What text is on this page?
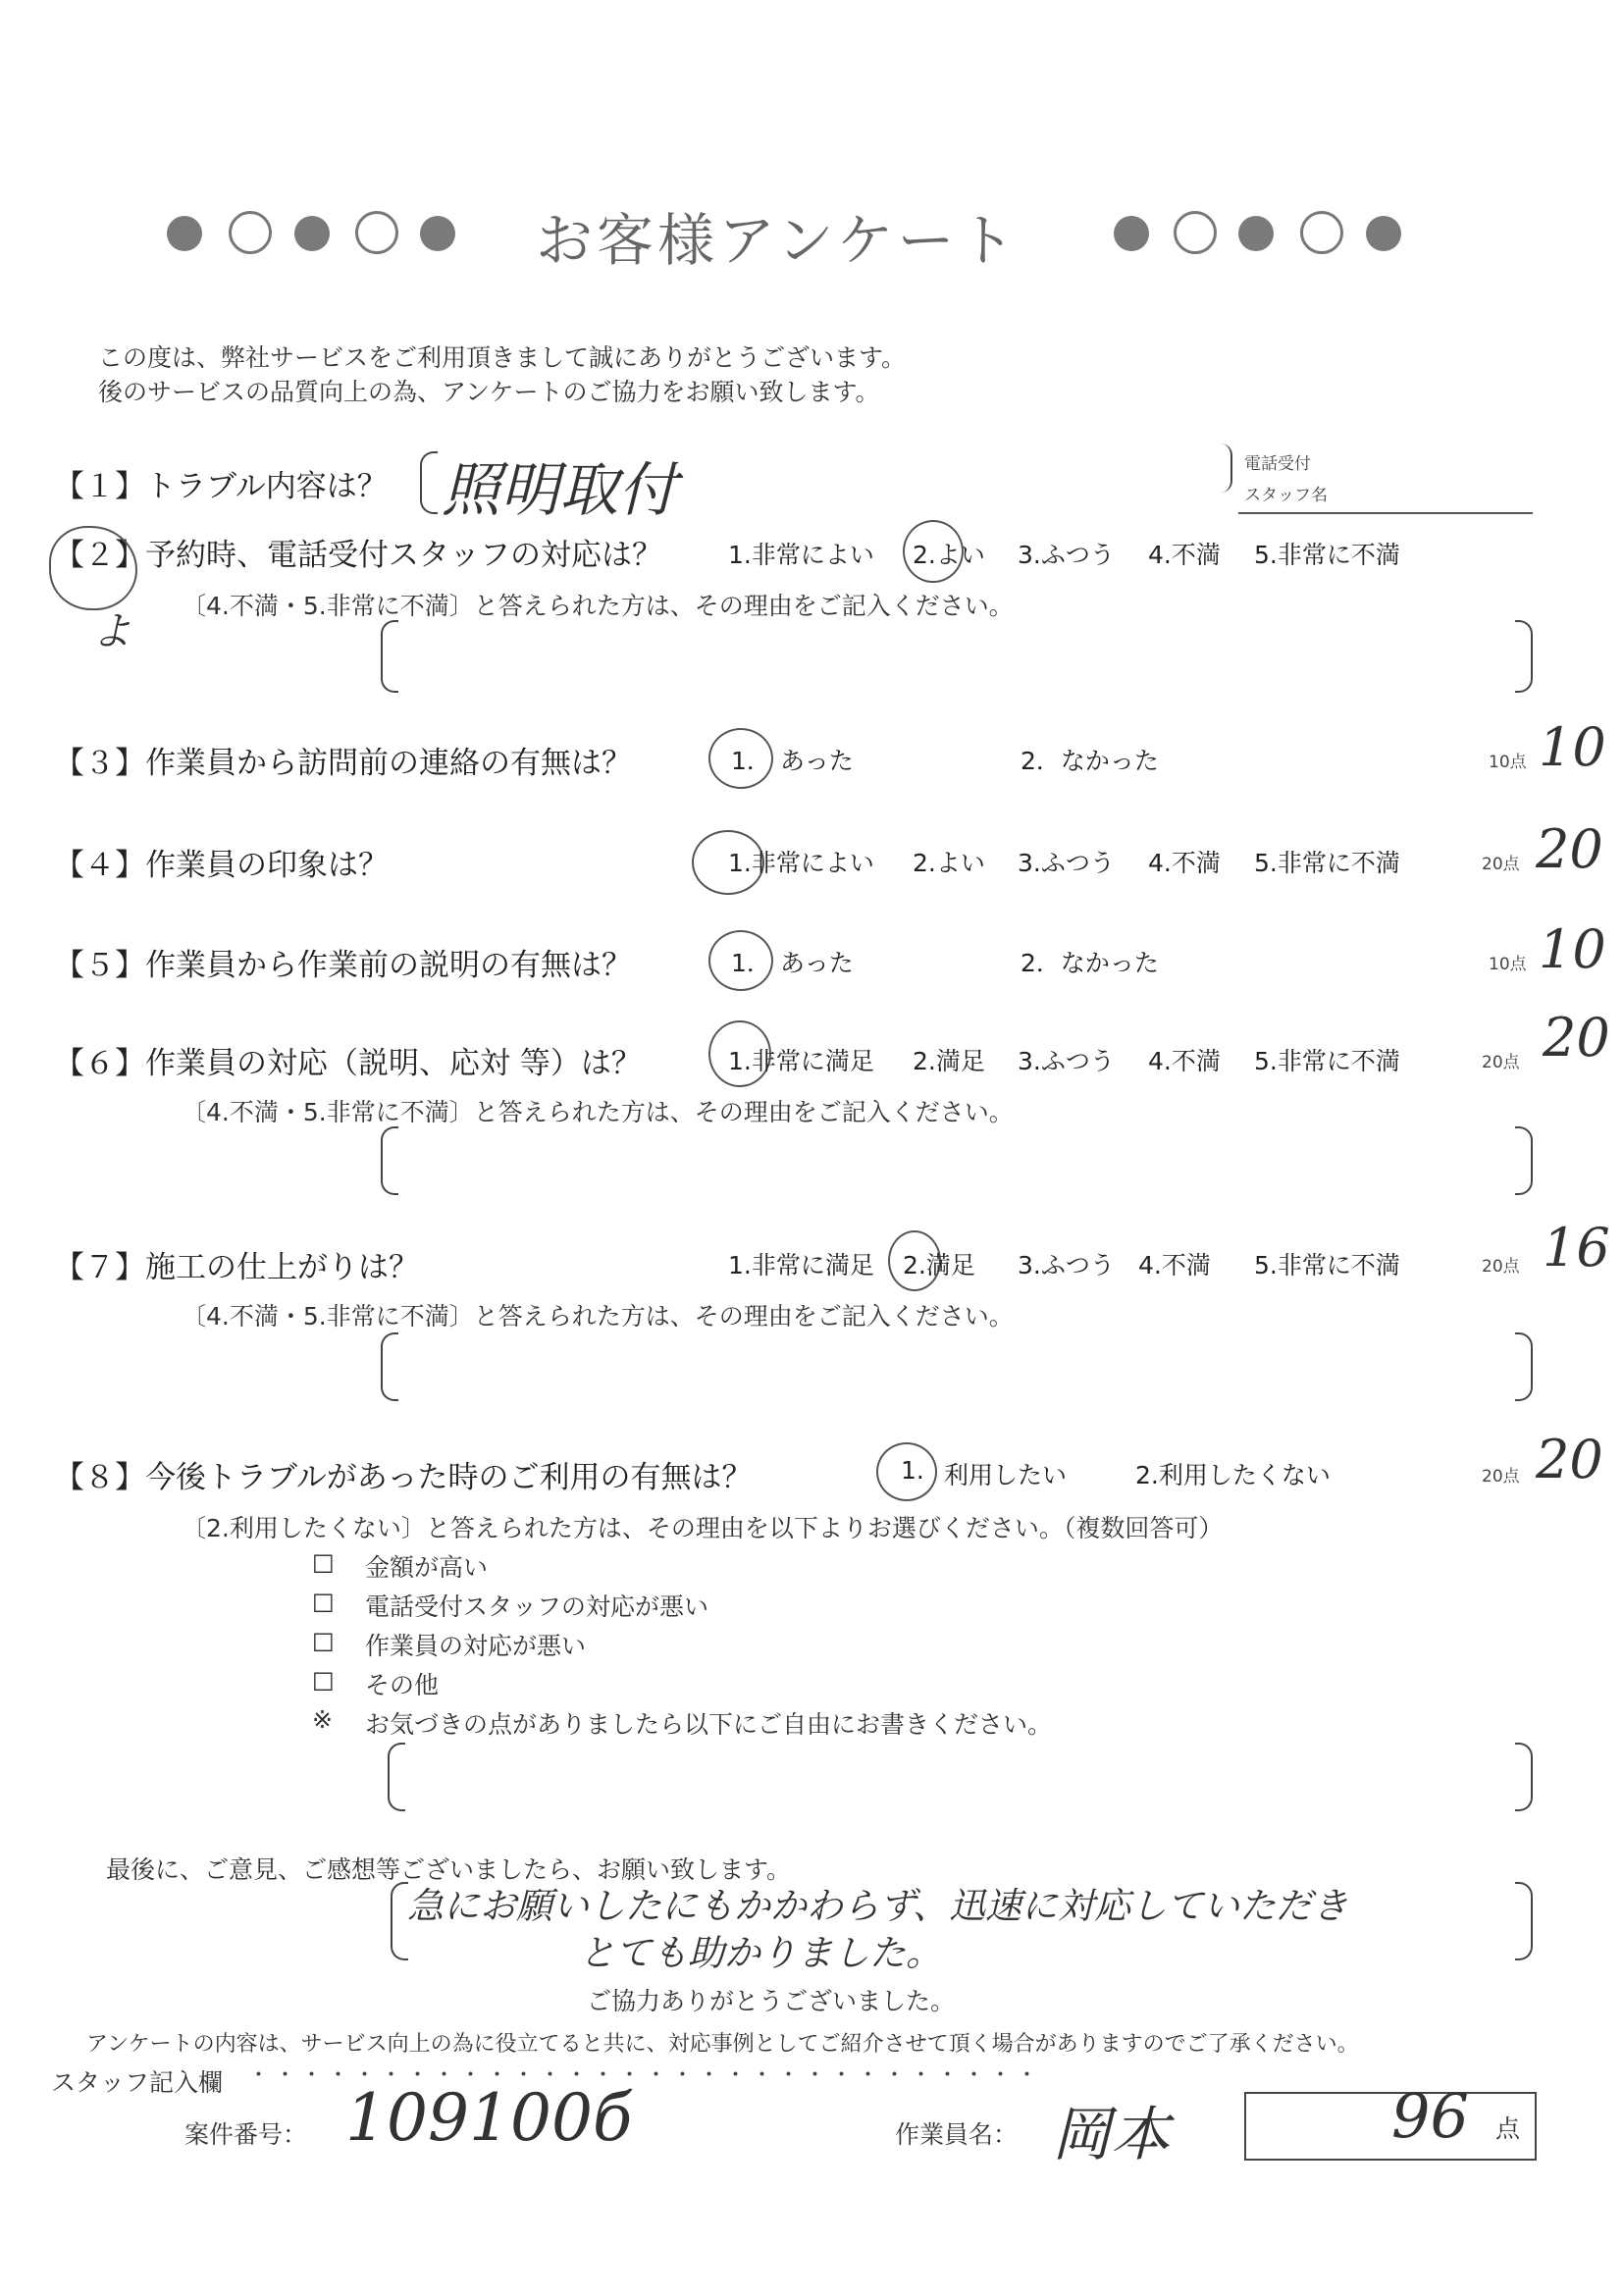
お客様アンケート
この度は、弊社サービスをご利用頂きまして誠にありがとうございます。
後のサービスの品質向上の為、アンケートのご協力をお願い致します。
電話受付
スタッフ名
【１】トラブル内容は？ 照明取付
【２】予約時、電話受付スタッフの対応は？
よ
1.非常によい 2.よい 3.ふつう 4.不満 5.非常に不満
〔4.不満・5.非常に不満〕と答えられた方は、その理由をご記入ください。
【３】作業員から訪問前の連絡の有無は？	1． あった	2．なかった	10点 10
【４】作業員の印象は？	1.非常によい 2.よい 3.ふつう 4.不満 5.非常に不満	20点 20
【５】作業員から作業前の説明の有無は？	1． あった	2．なかった	10点 10
【６】作業員の対応（説明、応対 等）は？	1.非常に満足 2.満足 3.ふつう 4.不満 5.非常に不満	20点 20
〔4.不満・5.非常に不満〕と答えられた方は、その理由をご記入ください。
【７】施工の仕上がりは？	1.非常に満足 2.満足 3.ふつう 4.不満 5.非常に不満	20点 16
〔4.不満・5.非常に不満〕と答えられた方は、その理由をご記入ください。
【８】今後トラブルがあった時のご利用の有無は？	1. 利用したい	2.利用したくない	20点 20
〔2.利用したくない〕と答えられた方は、その理由を以下よりお選びください。（複数回答可）
□ 金額が高い
□ 電話受付スタッフの対応が悪い
□ 作業員の対応が悪い
□ その他
※ お気づきの点がありましたら以下にご自由にお書きください。
最後に、ご意見、ご感想等ございましたら、お願い致します。
急にお願いしたにもかかわらず、迅速に対応していただき
とても助かりました。
ご協力ありがとうございました。
アンケートの内容は、サービス向上の為に役立てると共に、対応事例としてご紹介させて頂く場合がありますのでご了承ください。
スタッフ記入欄 ･･････････････････････････････
案件番号： 109100б	作業員名： 岡本	96 点
